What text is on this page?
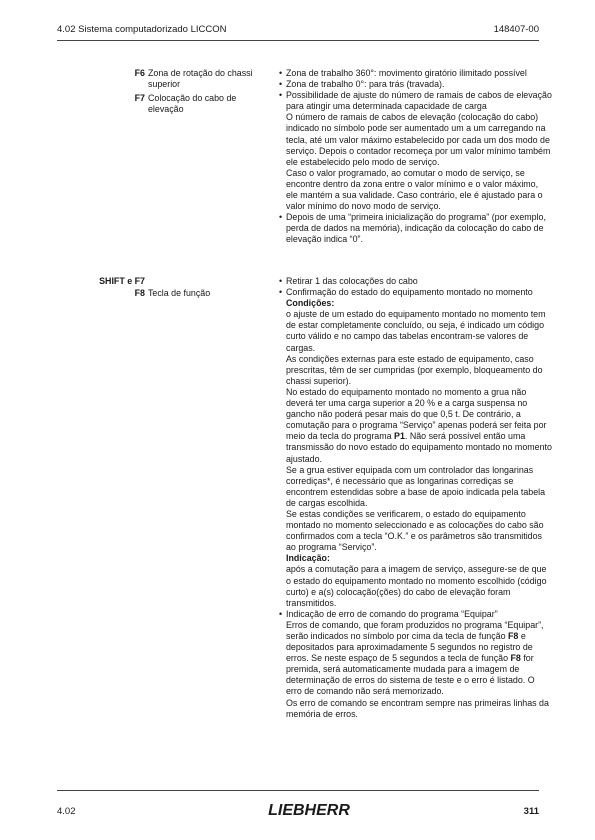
4.02 Sistema computadorizado LICCON	148407-00
F6 Zona de rotação do chassi superior
F7 Colocação do cabo de elevação
SHIFT e F7
F8 Tecla de função

• Zona de trabalho 360°: movimento giratório ilimitado possível

• Zona de trabalho 0°: para trás (travada).

• Possibilidade de ajuste do número de ramais de cabos de elevação para atingir uma determinada capacidade de carga

O número de ramais de cabos de elevação (colocação do cabo) indicado no símbolo pode ser aumentado um a um carregando na tecla, até um valor máximo estabelecido por cada um dos modo de serviço. Depois o contador recomeça por um valor mínimo também ele estabelecido pelo modo de serviço.

Caso o valor programado, ao comutar o modo de serviço, se encontre dentro da zona entre o valor mínimo e o valor máximo, ele mantém a sua validade. Caso contrário, ele é ajustado para o valor mínimo do novo modo de serviço.

• Depois de uma “primeira inicialização do programa” (por exemplo, perda de dados na memória), indicação da colocação do cabo de elevação indica “0”.

• Retirar 1 das colocações do cabo

• Confirmação do estado do equipamento montado no momento

Condições:

o ajuste de um estado do equipamento montado no momento tem de estar completamente concluído, ou seja, é indicado um código curto válido e no campo das tabelas encontram-se valores de cargas.

As condições externas para este estado de equipamento, caso prescritas, têm de ser cumpridas (por exemplo, bloqueamento do chassi superior).

No estado do equipamento montado no momento a grua não deverá ter uma carga superior a 20 % e a carga suspensa no gancho não poderá pesar mais do que 0,5 t. De contrário, a comutação para o programa “Serviço” apenas poderá ser feita por meio da tecla do programa P1. Não será possível então uma transmissão do novo estado do equipamento montado no momento ajustado.

Se a grua estiver equipada com um controlador das longarinas corrediças*, é necessário que as longarinas corrediças se encontrem estendidas sobre a base de apoio indicada pela tabela de cargas escolhida.

Se estas condições se verificarem, o estado do equipamento montado no momento seleccionado e as colocações do cabo são confirmados com a tecla “O.K.” e os parâmetros são transmitidos ao programa “Serviço”.

Indicação:

após a comutação para a imagem de serviço, assegure-se de que o estado do equipamento montado no momento escolhido (código curto) e a(s) colocação(ções) do cabo de elevação foram transmitidos.

• Indicação de erro de comando do programa “Equipar”

Erros de comando, que foram produzidos no programa “Equipar”, serão indicados no símbolo por cima da tecla de função F8 e depositados para aproximadamente 5 segundos no registro de erros. Se neste espaço de 5 segundos a tecla de função F8 for premida, será automaticamente mudada para a imagem de determinação de erros do sistema de teste e o erro é listado. O erro de comando não será memorizado.

Os erro de comando se encontram sempre nas primeiras linhas da memória de erros.

4.02	311
LIEBHERR
